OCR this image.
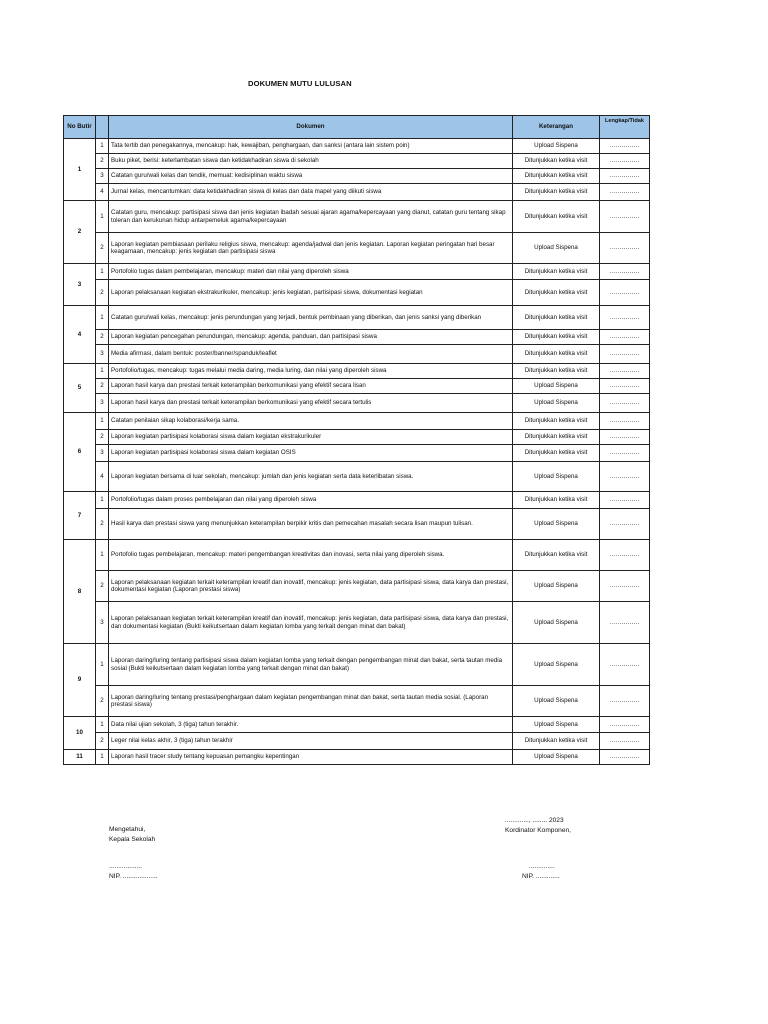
DOKUMEN MUTU LULUSAN
No Butir		Dokumen	Keterangan	Lengkap/Tidak
1	1	Tata tertib dan penegakannya, mencakup: hak, kewajiban, penghargaan, dan sanksi (antara lain sistem poin)	Upload Sispena	...............
	2	Buku piket, berisi: keterlambatan siswa dan ketidakhadiran siswa di sekolah	Ditunjukkan ketika visit	...............
	3	Catatan guru/wali kelas dan tendik, memuat: kedisiplinan waktu siswa	Ditunjukkan ketika visit	...............
	4	Jurnal kelas, mencantumkan: data ketidakhadiran siswa di kelas dan data mapel yang diikuti siswa	Ditunjukkan ketika visit	...............
2	1	Catatan guru, mencakup: partisipasi siswa dan jenis kegiatan ibadah sesuai ajaran agama/kepercayaan yang dianut, catatan guru tentang sikap toleran dan kerukunan hidup antarpemeluk agama/kepercayaan	Ditunjukkan ketika visit	...............
	2	Laporan kegiatan pembiasaan perilaku religius siswa, mencakup: agenda/jadwal dan jenis kegiatan. Laporan kegiatan peringatan hari besar keagamaan, mencakup: jenis kegiatan dan partisipasi siswa	Upload Sispena	...............
3	1	Portofolio tugas dalam pembelajaran, mencakup: materi dan nilai yang diperoleh siswa	Ditunjukkan ketika visit	...............
	2	Laporan pelaksanaan kegiatan ekstrakurikuler, mencakup: jenis kegiatan, partisipasi siswa, dokumentasi kegiatan	Ditunjukkan ketika visit	...............
4	1	Catatan guru/wali kelas, mencakup: jenis perundungan yang terjadi, bentuk pembinaan yang diberikan, dan jenis sanksi yang diberikan	Ditunjukkan ketika visit	...............
	2	Laporan kegiatan pencegahan perundungan, mencakup: agenda, panduan, dan partisipasi siswa	Ditunjukkan ketika visit	...............
	3	Media afirmasi, dalam bentuk: poster/banner/spanduk/leaflet	Ditunjukkan ketika visit	...............
5	1	Portofolio/tugas, mencakup: tugas melalui media daring, media luring, dan nilai yang diperoleh siswa	Ditunjukkan ketika visit	...............
	2	Laporan hasil karya dan prestasi terkait keterampilan berkomunikasi yang efektif secara lisan	Upload Sispena	...............
	3	Laporan hasil karya dan prestasi terkait keterampilan berkomunikasi yang efektif secara tertulis	Upload Sispena	...............
6	1	Catatan penilaian sikap kolaborasi/kerja sama.	Ditunjukkan ketika visit	...............
	2	Laporan kegiatan partisipasi kolaborasi siswa dalam kegiatan ekstrakurikuler	Ditunjukkan ketika visit	...............
	3	Laporan kegiatan partisipasi kolaborasi siswa dalam kegiatan OSIS	Ditunjukkan ketika visit	...............
	4	Laporan kegiatan bersama di luar sekolah, mencakup: jumlah dan jenis kegiatan serta data keterlibatan siswa.	Upload Sispena	...............
7	1	Portofolio/tugas dalam proses pembelajaran dan nilai yang diperoleh siswa	Ditunjukkan ketika visit	...............
	2	Hasil karya dan prestasi siswa yang menunjukkan keterampilan berpikir kritis dan pemecahan masalah secara lisan maupun tulisan.	Upload Sispena	...............
8	1	Portofolio tugas pembelajaran, mencakup: materi pengembangan kreativitas dan inovasi, serta nilai yang diperoleh siswa.	Ditunjukkan ketika visit	...............
	2	Laporan pelaksanaan kegiatan terkait keterampilan kreatif dan inovatif, mencakup: jenis kegiatan, data partisipasi siswa, data karya dan prestasi, dokumentasi kegiatan (Laporan prestasi siswa)	Upload Sispena	...............
	3	Laporan pelaksanaan kegiatan terkait keterampilan kreatif dan inovatif, mencakup: jenis kegiatan, data partisipasi siswa, data karya dan prestasi, dan dokumentasi kegiatan (Bukti keikutsertaan dalam kegiatan lomba yang terkait dengan minat dan bakat)	Upload Sispena	...............
9	1	Laporan daring/luring tentang partisipasi siswa dalam kegiatan lomba yang terkait dengan pengembangan minat dan bakat, serta tautan media sosial (Bukti keikutsertaan dalam kegiatan lomba yang terkait dengan minat dan bakat)	Upload Sispena	...............
	2	Laporan daring/luring tentang prestasi/penghargaan dalam kegiatan pengembangan minat dan bakat, serta tautan media sosial. (Laporan prestasi siswa)	Upload Sispena	...............
10	1	Data nilai ujian sekolah, 3 (tiga) tahun terakhir.	Upload Sispena	...............
	2	Leger nilai kelas akhir, 3 (tiga) tahun terakhir	Ditunjukkan ketika visit	...............
11	1	Laporan hasil tracer study tentang kepuasan pemangku kepentingan	Upload Sispena	...............
Mengetahui,
Kepala Sekolah
..................
NIP. ...................
............., ........ 2023
Kordinator Komponen,
..............
NIP. .............
